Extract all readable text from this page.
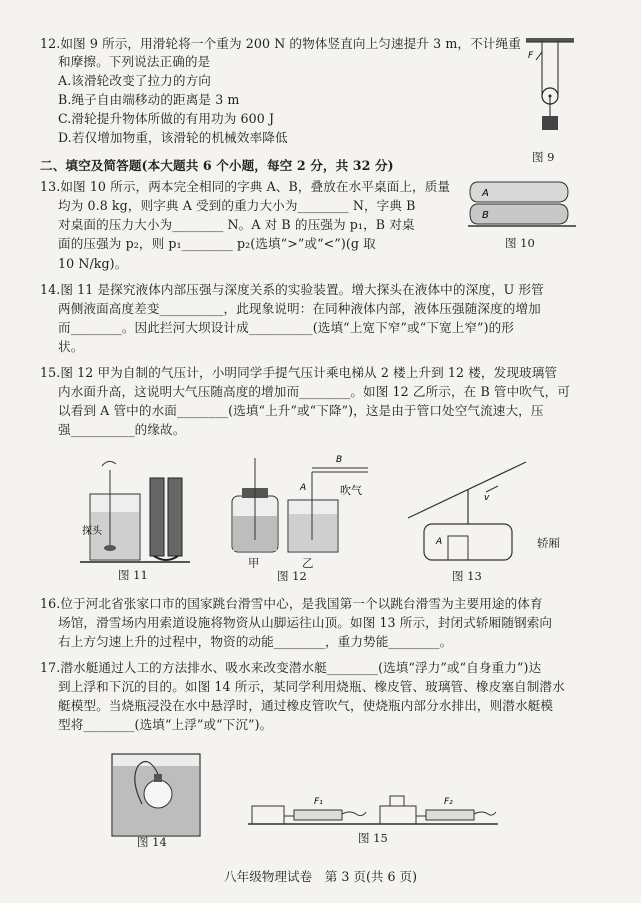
12.如图 9 所示，用滑轮将一个重为 200 N 的物体竖直向上匀速提升 3 m，不计绳重
和摩擦。下列说法正确的是
A.该滑轮改变了拉力的方向
B.绳子自由端移动的距离是 3 m
C.滑轮提升物体所做的有用功为 600 J
D.若仅增加物重，该滑轮的机械效率降低
F
图 9
二、填空及简答题(本大题共 6 个小题，每空 2 分，共 32 分)
13.如图 10 所示，两本完全相同的字典 A、B，叠放在水平桌面上，质量
均为 0.8 kg，则字典 A 受到的重力大小为________ N，字典 B
对桌面的压力大小为________ N。A 对 B 的压强为 p₁，B 对桌
面的压强为 p₂，则 p₁________ p₂(选填“>”或“<”)(g 取
10 N/kg)。
A
B
图 10
14.图 11 是探究液体内部压强与深度关系的实验装置。增大探头在液体中的深度，U 形管
两侧液面高度差变__________，此现象说明：在同种液体内部，液体压强随深度的增加
而________。因此拦河大坝设计成__________(选填“上宽下窄”或“下宽上窄”)的形
状。
15.图 12 甲为自制的气压计，小明同学手提气压计乘电梯从 2 楼上升到 12 楼，发现玻璃管
内水面升高，这说明大气压随高度的增加而________。如图 12 乙所示，在 B 管中吹气，可
以看到 A 管中的水面________(选填“上升”或“下降”)，这是由于管口处空气流速大，压
强__________的缘故。
探头
图 11
B
A	吹气
甲	乙
图 12
v
A	轿厢
图 13
16.位于河北省张家口市的国家跳台滑雪中心，是我国第一个以跳台滑雪为主要用途的体育
场馆，滑雪场内用索道设施将物资从山脚运往山顶。如图 13 所示，封闭式轿厢随钢索向
右上方匀速上升的过程中，物资的动能________，重力势能________。
17.潜水艇通过人工的方法排水、吸水来改变潜水艇________(选填“浮力”或“自身重力”)达
到上浮和下沉的目的。如图 14 所示，某同学利用烧瓶、橡皮管、玻璃管、橡皮塞自制潜水
艇模型。当烧瓶浸没在水中悬浮时，通过橡皮管吹气，使烧瓶内部分水排出，则潜水艇模
型将________(选填“上浮”或“下沉”)。
图 14
F₁	F₂
图 15
八年级物理试卷　第 3 页(共 6 页)
